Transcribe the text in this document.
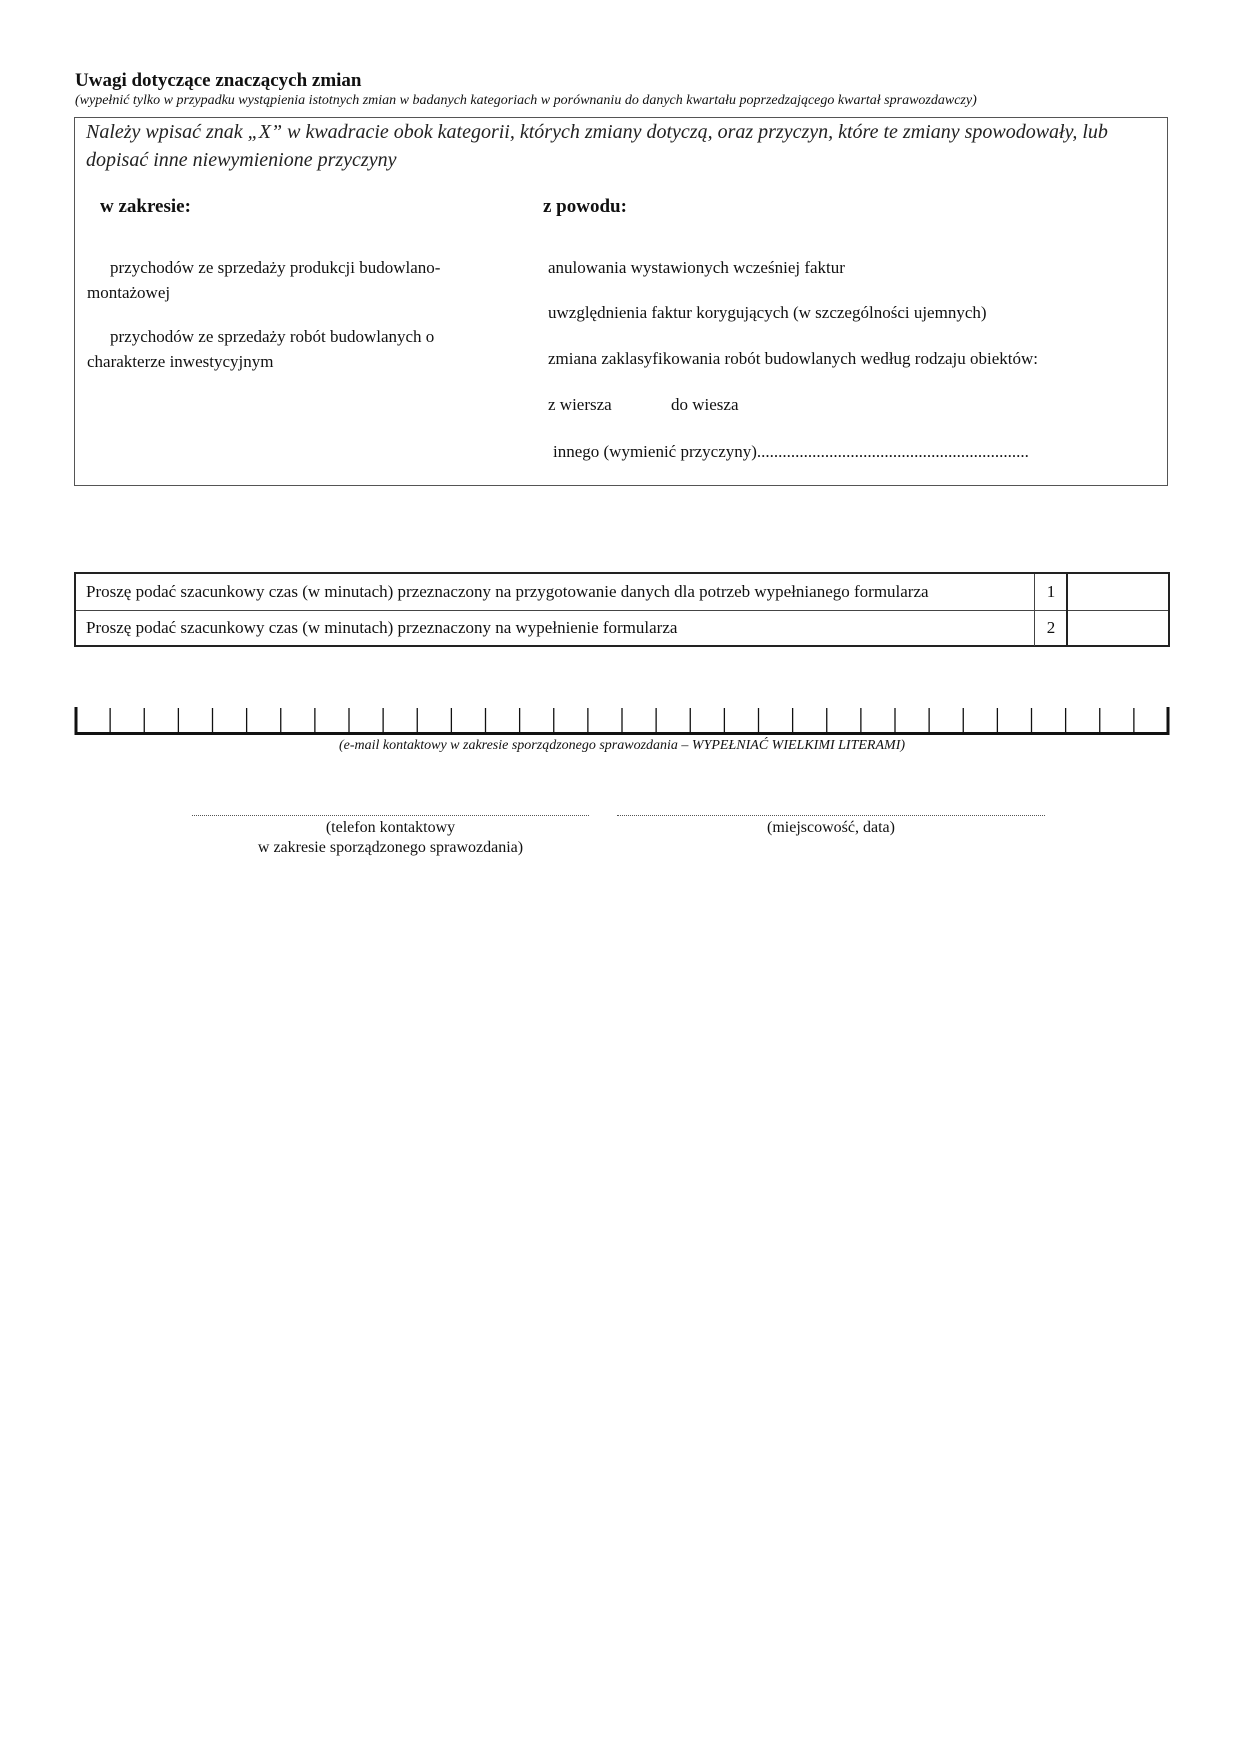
Uwagi dotyczące znaczących zmian
(wypełnić tylko w przypadku wystąpienia istotnych zmian w badanych kategoriach w porównaniu do danych kwartału poprzedzającego kwartał sprawozdawczy)
Należy wpisać znak „X” w kwadracie obok kategorii, których zmiany dotyczą, oraz przyczyn, które te zmiany spowodowały, lub dopisać inne niewymienione przyczyny
w zakresie:	z powodu:
przychodów ze sprzedaży produkcji budowlano-montażowej
przychodów ze sprzedaży robót budowlanych o charakterze inwestycyjnym
anulowania wystawionych wcześniej faktur
uwzględnienia faktur korygujących (w szczególności ujemnych)
zmiana zaklasyfikowania robót budowlanych według rodzaju obiektów:
z wiersza	do wiesza
innego (wymienić przyczyny)................................................................
Proszę podać szacunkowy czas (w minutach) przeznaczony na przygotowanie danych dla potrzeb wypełnianego formularza	1
Proszę podać szacunkowy czas (w minutach) przeznaczony na wypełnienie formularza	2
(e-mail kontaktowy w zakresie sporządzonego sprawozdania – WYPEŁNIAĆ WIELKIMI LITERAMI)
(telefon kontaktowy
w zakresie sporządzonego sprawozdania)
(miejscowość, data)
